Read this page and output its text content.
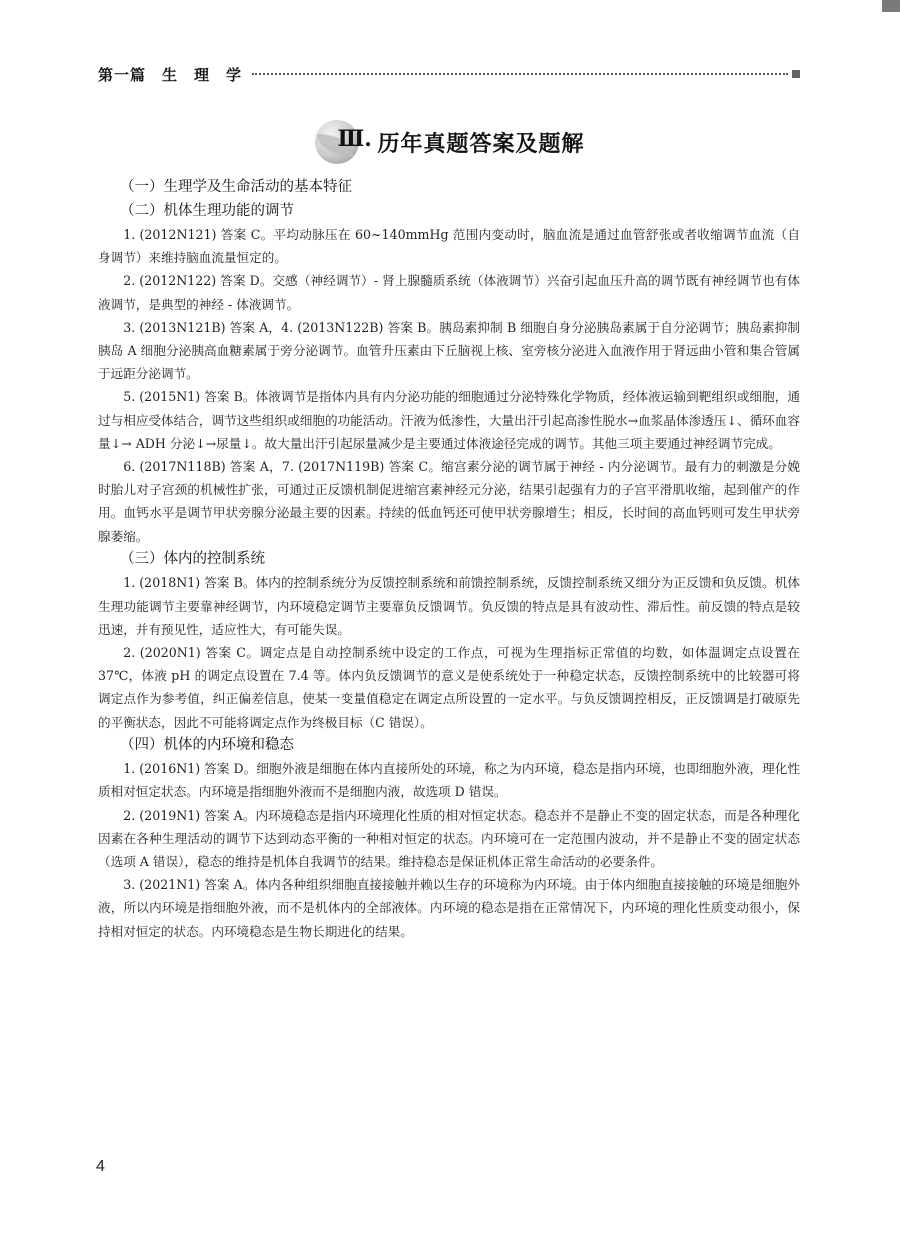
第一篇　生　理　学
Ⅲ. 历年真题答案及题解
（一）生理学及生命活动的基本特征
（二）机体生理功能的调节

1. (2012N121) 答案 C。平均动脉压在 60~140mmHg 范围内变动时，脑血流是通过血管舒张或者收缩调节血流（自身调节）来维持脑血流量恒定的。

2. (2012N122) 答案 D。交感（神经调节）- 肾上腺髓质系统（体液调节）兴奋引起血压升高的调节既有神经调节也有体液调节，是典型的神经 - 体液调节。

3. (2013N121B) 答案 A，4. (2013N122B) 答案 B。胰岛素抑制 B 细胞自身分泌胰岛素属于自分泌调节；胰岛素抑制胰岛 A 细胞分泌胰高血糖素属于旁分泌调节。血管升压素由下丘脑视上核、室旁核分泌进入血液作用于肾远曲小管和集合管属于远距分泌调节。

5. (2015N1) 答案 B。体液调节是指体内具有内分泌功能的细胞通过分泌特殊化学物质，经体液运输到靶组织或细胞，通过与相应受体结合，调节这些组织或细胞的功能活动。汗液为低渗性，大量出汗引起高渗性脱水→血浆晶体渗透压↓、循环血容量↓→ ADH 分泌↓→尿量↓。故大量出汗引起尿量减少是主要通过体液途径完成的调节。其他三项主要通过神经调节完成。

6. (2017N118B) 答案 A，7. (2017N119B) 答案 C。缩宫素分泌的调节属于神经 - 内分泌调节。最有力的刺激是分娩时胎儿对子宫颈的机械性扩张，可通过正反馈机制促进缩宫素神经元分泌，结果引起强有力的子宫平滑肌收缩，起到催产的作用。血钙水平是调节甲状旁腺分泌最主要的因素。持续的低血钙还可使甲状旁腺增生；相反，长时间的高血钙则可发生甲状旁腺萎缩。

（三）体内的控制系统

1. (2018N1) 答案 B。体内的控制系统分为反馈控制系统和前馈控制系统，反馈控制系统又细分为正反馈和负反馈。机体生理功能调节主要靠神经调节，内环境稳定调节主要靠负反馈调节。负反馈的特点是具有波动性、滞后性。前反馈的特点是较迅速，并有预见性，适应性大，有可能失误。

2. (2020N1) 答案 C。调定点是自动控制系统中设定的工作点，可视为生理指标正常值的均数，如体温调定点设置在 37℃，体液 pH 的调定点设置在 7.4 等。体内负反馈调节的意义是使系统处于一种稳定状态，反馈控制系统中的比较器可将调定点作为参考值，纠正偏差信息，使某一变量值稳定在调定点所设置的一定水平。与负反馈调控相反，正反馈调是打破原先的平衡状态，因此不可能将调定点作为终极目标（C 错误）。

（四）机体的内环境和稳态

1. (2016N1) 答案 D。细胞外液是细胞在体内直接所处的环境，称之为内环境，稳态是指内环境，也即细胞外液，理化性质相对恒定状态。内环境是指细胞外液而不是细胞内液，故选项 D 错误。

2. (2019N1) 答案 A。内环境稳态是指内环境理化性质的相对恒定状态。稳态并不是静止不变的固定状态，而是各种理化因素在各种生理活动的调节下达到动态平衡的一种相对恒定的状态。内环境可在一定范围内波动，并不是静止不变的固定状态（选项 A 错误），稳态的维持是机体自我调节的结果。维持稳态是保证机体正常生命活动的必要条件。

3. (2021N1) 答案 A。体内各种组织细胞直接接触并赖以生存的环境称为内环境。由于体内细胞直接接触的环境是细胞外液，所以内环境是指细胞外液，而不是机体内的全部液体。内环境的稳态是指在正常情况下，内环境的理化性质变动很小，保持相对恒定的状态。内环境稳态是生物长期进化的结果。

4
